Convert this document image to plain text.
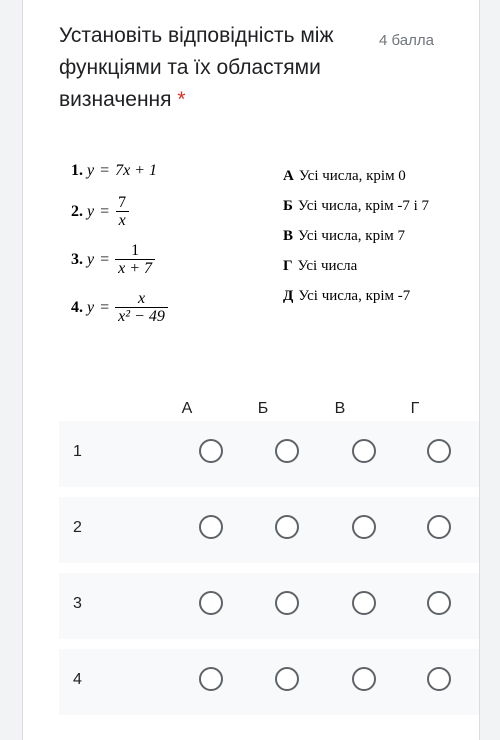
Установіть відповідність між функціями та їх областями визначення *
4 балла
1. y = 7x + 1
2. $y = \frac{7}{x}$
3. $y = \frac{1}{x + 7}$
4. $y = \frac{x}{\text{x² − 49}}$
А Усі числа, крім 0
Б Усі числа, крім -7 і 7
В Усі числа, крім 7
Г Усі числа
Д Усі числа, крім -7
А	Б	В	Г
1
2
3
4
